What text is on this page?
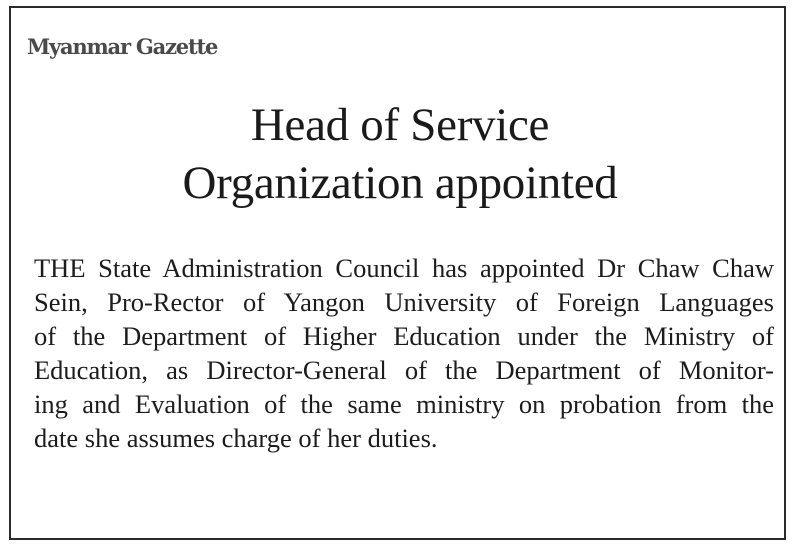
Myanmar Gazette
Head of Service
Organization appointed

THE State Administration Council has appointed Dr Chaw Chaw
Sein, Pro-Rector of Yangon University of Foreign Languages
of the Department of Higher Education under the Ministry of
Education, as Director-General of the Department of Monitor-
ing and Evaluation of the same ministry on probation from the
date she assumes charge of her duties.
